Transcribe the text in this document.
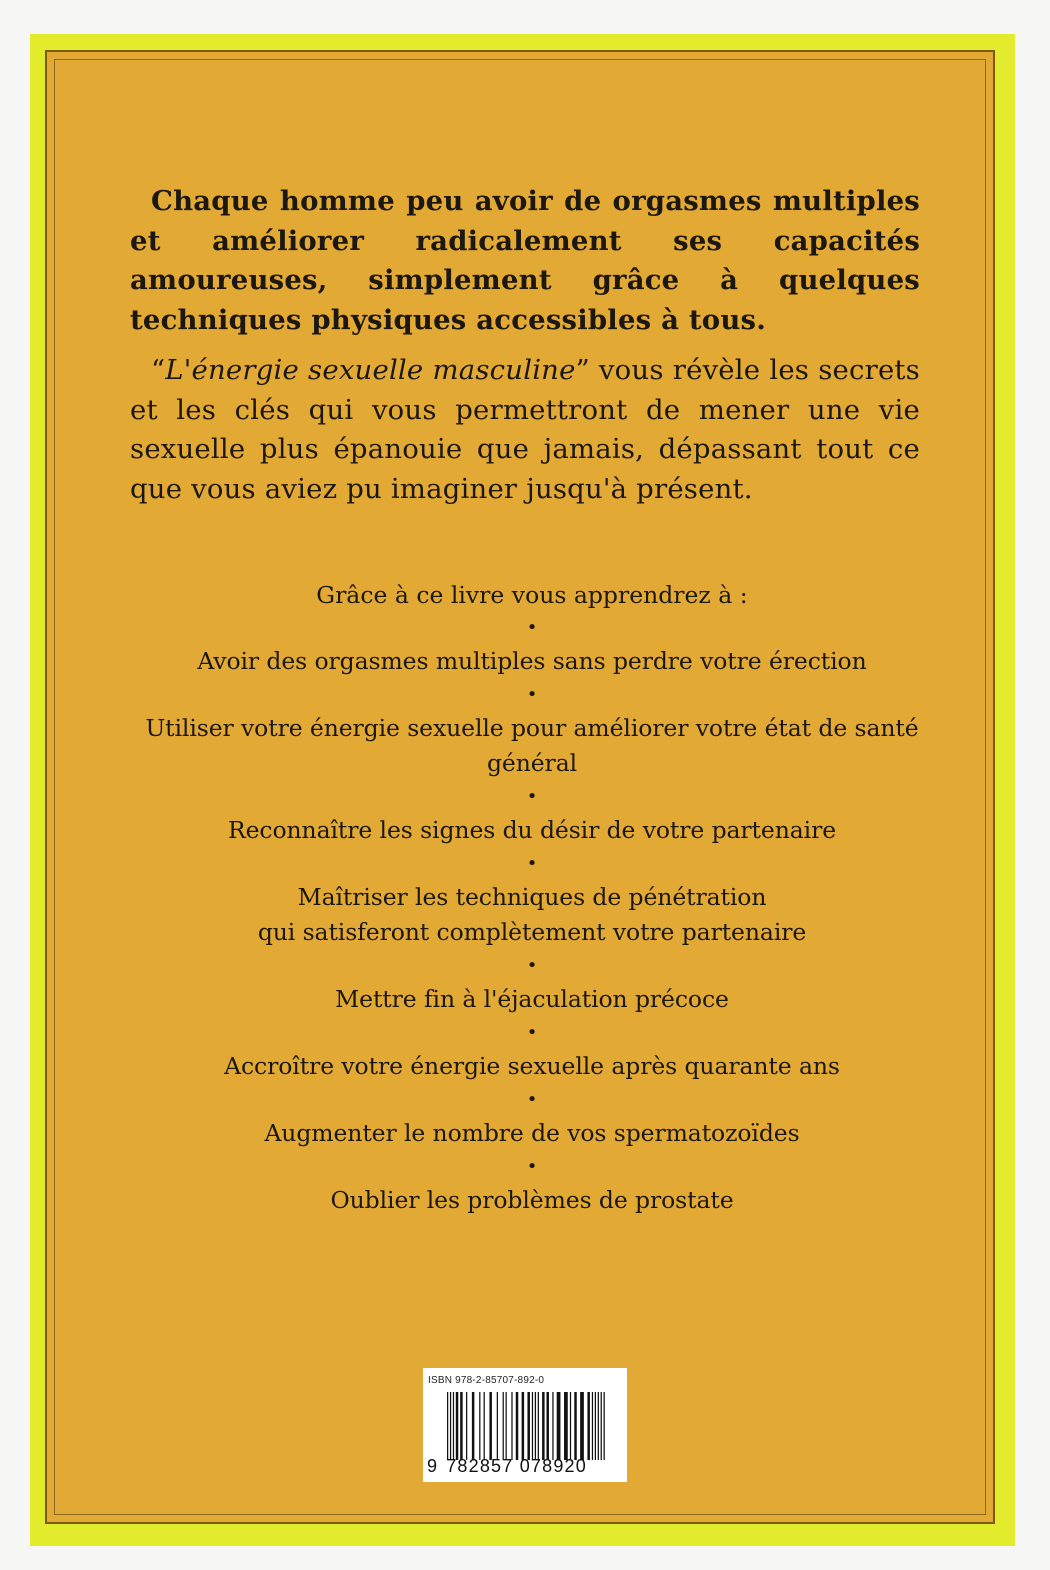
Chaque homme peu avoir de orgasmes multiples et améliorer radicalement ses capacités amoureuses, simplement grâce à quelques techniques physiques accessibles à tous.

“L'énergie sexuelle masculine” vous révèle les secrets et les clés qui vous permettront de mener une vie sexuelle plus épanouie que jamais, dépassant tout ce que vous aviez pu imaginer jusqu'à présent.

Grâce à ce livre vous apprendrez à :
•
Avoir des orgasmes multiples sans perdre votre érection
•
Utiliser votre énergie sexuelle pour améliorer votre état de santé général
•
Reconnaître les signes du désir de votre partenaire
•
Maîtriser les techniques de pénétration
qui satisferont complètement votre partenaire
•
Mettre fin à l'éjaculation précoce
•
Accroître votre énergie sexuelle après quarante ans
•
Augmenter le nombre de vos spermatozoïdes
•
Oublier les problèmes de prostate
ISBN 978-2-85707-892-0
9 782857 078920
